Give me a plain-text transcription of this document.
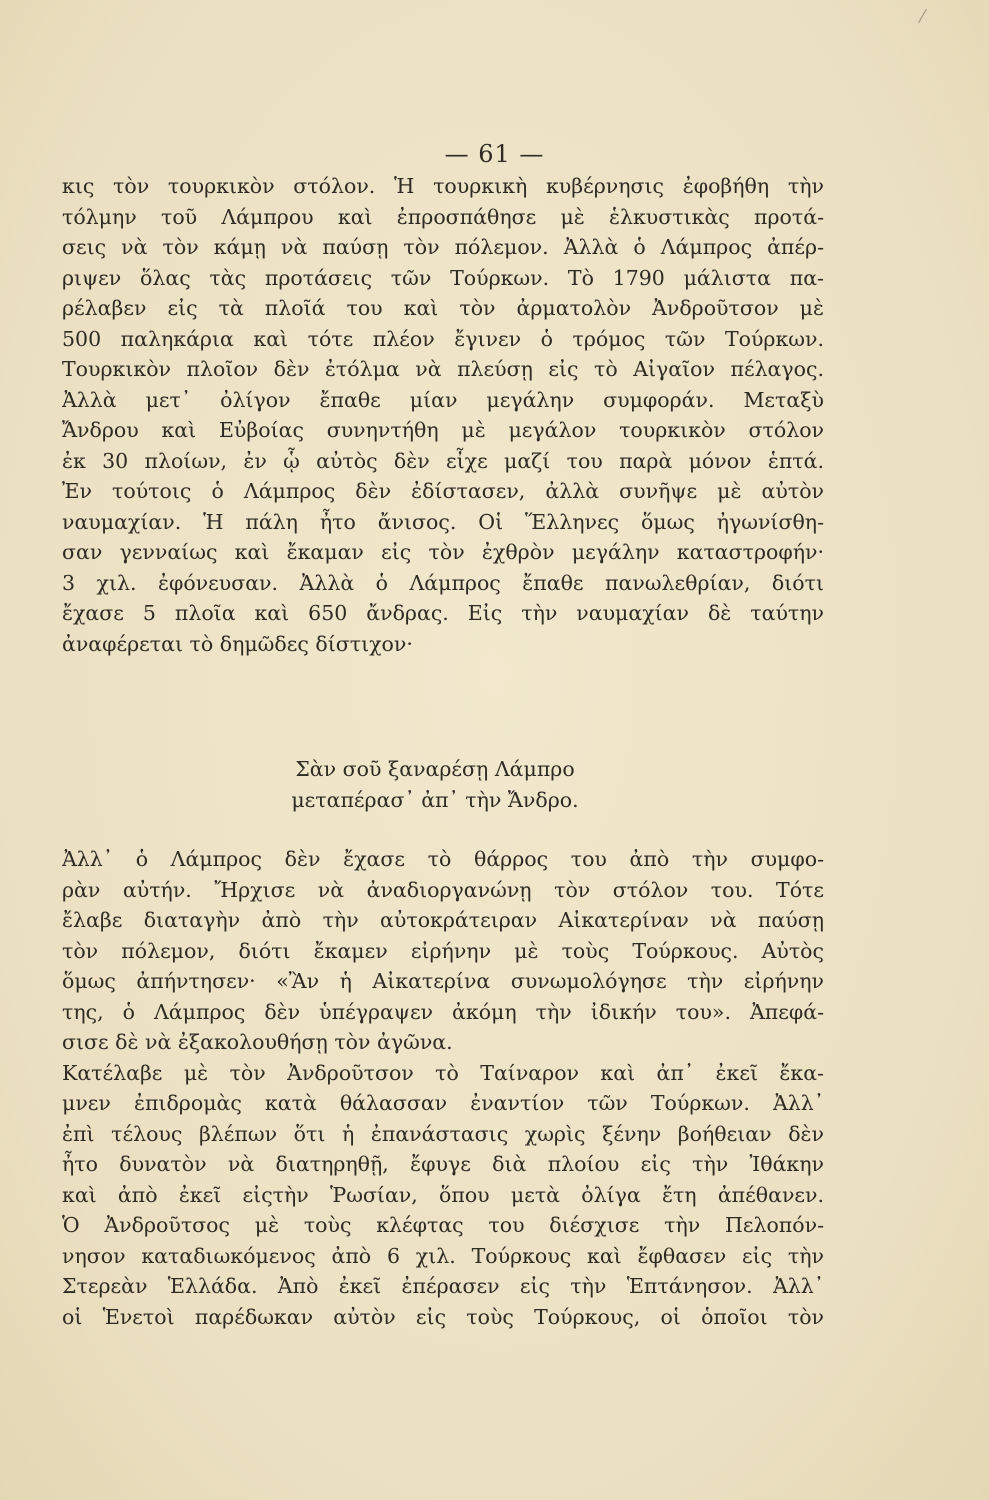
— 61 —
κις τὸν τουρκικὸν στόλον. Ἡ τουρκικὴ κυβέρνησις ἐφοβήθη τὴν
τόλμην τοῦ Λάμπρου καὶ ἐπροσπάθησε μὲ ἑλκυστικὰς προτά-
σεις νὰ τὸν κάμῃ νὰ παύσῃ τὸν πόλεμον. Ἀλλὰ ὁ Λάμπρος ἀπέρ-
ριψεν ὅλας τὰς προτάσεις τῶν Τούρκων. Τὸ 1790 μάλιστα πα-
ρέλαβεν εἰς τὰ πλοῖά του καὶ τὸν ἀρματολὸν Ἀνδροῦτσον μὲ
500 παληκάρια καὶ τότε πλέον ἔγινεν ὁ τρόμος τῶν Τούρκων.
Τουρκικὸν πλοῖον δὲν ἐτόλμα νὰ πλεύσῃ εἰς τὸ Αἰγαῖον πέλαγος.
Ἀλλὰ μετ᾽ ὀλίγον ἔπαθε μίαν μεγάλην συμφοράν. Μεταξὺ
Ἄνδρου καὶ Εὐβοίας συνηντήθη μὲ μεγάλον τουρκικὸν στόλον
ἐκ 30 πλοίων, ἐν ᾧ αὐτὸς δὲν εἶχε μαζί του παρὰ μόνον ἑπτά.
Ἐν τούτοις ὁ Λάμπρος δὲν ἐδίστασεν, ἀλλὰ συνῆψε μὲ αὐτὸν
ναυμαχίαν. Ἡ πάλη ἦτο ἄνισος. Οἱ Ἕλληνες ὅμως ἠγωνίσθη-
σαν γενναίως καὶ ἔκαμαν εἰς τὸν ἐχθρὸν μεγάλην καταστροφήν·
3 χιλ. ἐφόνευσαν. Ἀλλὰ ὁ Λάμπρος ἔπαθε πανωλεθρίαν, διότι
ἔχασε 5 πλοῖα καὶ 650 ἄνδρας. Εἰς τὴν ναυμαχίαν δὲ ταύτην
ἀναφέρεται τὸ δημῶδες δίστιχον·
Σὰν σοῦ ξαναρέσῃ Λάμπρο
μεταπέρασ᾽ ἀπ᾽ τὴν Ἄνδρο.
Ἀλλ᾽ ὁ Λάμπρος δὲν ἔχασε τὸ θάρρος του ἀπὸ τὴν συμφο-
ρὰν αὐτήν. Ἤρχισε νὰ ἀναδιοργανώνῃ τὸν στόλον του. Τότε
ἔλαβε διαταγὴν ἀπὸ τὴν αὐτοκράτειραν Αἰκατερίναν νὰ παύσῃ
τὸν πόλεμον, διότι ἔκαμεν εἰρήνην μὲ τοὺς Τούρκους. Αὐτὸς
ὅμως ἀπήντησεν· «Ἂν ἡ Αἰκατερίνα συνωμολόγησε τὴν εἰρήνην
της, ὁ Λάμπρος δὲν ὑπέγραψεν ἀκόμη τὴν ἰδικήν του». Ἀπεφά-
σισε δὲ νὰ ἐξακολουθήσῃ τὸν ἀγῶνα.
Κατέλαβε μὲ τὸν Ἀνδροῦτσον τὸ Ταίναρον καὶ ἀπ᾽ ἐκεῖ ἔκα-
μνεν ἐπιδρομὰς κατὰ θάλασσαν ἐναντίον τῶν Τούρκων. Ἀλλ᾽
ἐπὶ τέλους βλέπων ὅτι ἡ ἐπανάστασις χωρὶς ξένην βοήθειαν δὲν
ἦτο δυνατὸν νὰ διατηρηθῇ, ἔφυγε διὰ πλοίου εἰς τὴν Ἰθάκην
καὶ ἀπὸ ἐκεῖ εἰςτὴν Ῥωσίαν, ὅπου μετὰ ὀλίγα ἔτη ἀπέθανεν.
Ὁ Ἀνδροῦτσος μὲ τοὺς κλέφτας του διέσχισε τὴν Πελοπόν-
νησον καταδιωκόμενος ἀπὸ 6 χιλ. Τούρκους καὶ ἔφθασεν εἰς τὴν
Στερεὰν Ἑλλάδα. Ἀπὸ ἐκεῖ ἐπέρασεν εἰς τὴν Ἑπτάνησον. Ἀλλ᾽
οἱ Ἑνετοὶ παρέδωκαν αὐτὸν εἰς τοὺς Τούρκους, οἱ ὁποῖοι τὸν
